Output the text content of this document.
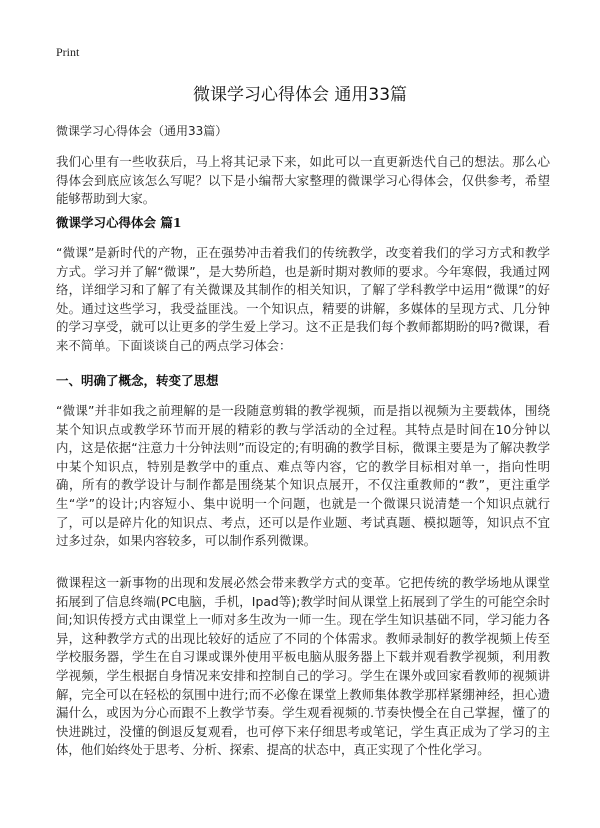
Print
微课学习心得体会 通用33篇
微课学习心得体会（通用33篇）

我们心里有一些收获后，马上将其记录下来，如此可以一直更新迭代自己的想法。那么心得体会到底应该怎么写呢？以下是小编帮大家整理的微课学习心得体会，仅供参考，希望能够帮助到大家。

微课学习心得体会 篇1

“微课”是新时代的产物，正在强势冲击着我们的传统教学，改变着我们的学习方式和教学方式。学习并了解“微课”，是大势所趋，也是新时期对教师的要求。今年寒假，我通过网络，详细学习和了解了有关微课及其制作的相关知识，了解了学科教学中运用“微课”的好处。通过这些学习，我受益匪浅。一个知识点，精要的讲解，多媒体的呈现方式、几分钟的学习享受，就可以让更多的学生爱上学习。这不正是我们每个教师都期盼的吗?微课，看来不简单。下面谈谈自己的两点学习体会：

一、明确了概念，转变了思想

“微课”并非如我之前理解的是一段随意剪辑的教学视频，而是指以视频为主要载体，围绕某个知识点或教学环节而开展的精彩的教与学活动的全过程。其特点是时间在10分钟以内，这是依据“注意力十分钟法则”而设定的;有明确的教学目标，微课主要是为了解决教学中某个知识点，特别是教学中的重点、难点等内容，它的教学目标相对单一，指向性明确，所有的教学设计与制作都是围绕某个知识点展开，不仅注重教师的“教”，更注重学生“学”的设计;内容短小、集中说明一个问题，也就是一个微课只说清楚一个知识点就行了，可以是碎片化的知识点、考点，还可以是作业题、考试真题、模拟题等，知识点不宜过多过杂，如果内容较多，可以制作系列微课。

微课程这一新事物的出现和发展必然会带来教学方式的变革。它把传统的教学场地从课堂拓展到了信息终端(PC电脑，手机，Ipad等);教学时间从课堂上拓展到了学生的可能空余时间;知识传授方式由课堂上一师对多生改为一师一生。现在学生知识基础不同，学习能力各异，这种教学方式的出现比较好的适应了不同的个体需求。教师录制好的教学视频上传至学校服务器，学生在自习课或课外使用平板电脑从服务器上下载并观看教学视频，利用教学视频，学生根据自身情况来安排和控制自己的学习。学生在课外或回家看教师的视频讲解，完全可以在轻松的氛围中进行;而不必像在课堂上教师集体教学那样紧绷神经，担心遗漏什么，或因为分心而跟不上教学节奏。学生观看视频的.节奏快慢全在自己掌握，懂了的快进跳过，没懂的倒退反复观看，也可停下来仔细思考或笔记，学生真正成为了学习的主体，他们始终处于思考、分析、探索、提高的状态中，真正实现了个性化学习。
